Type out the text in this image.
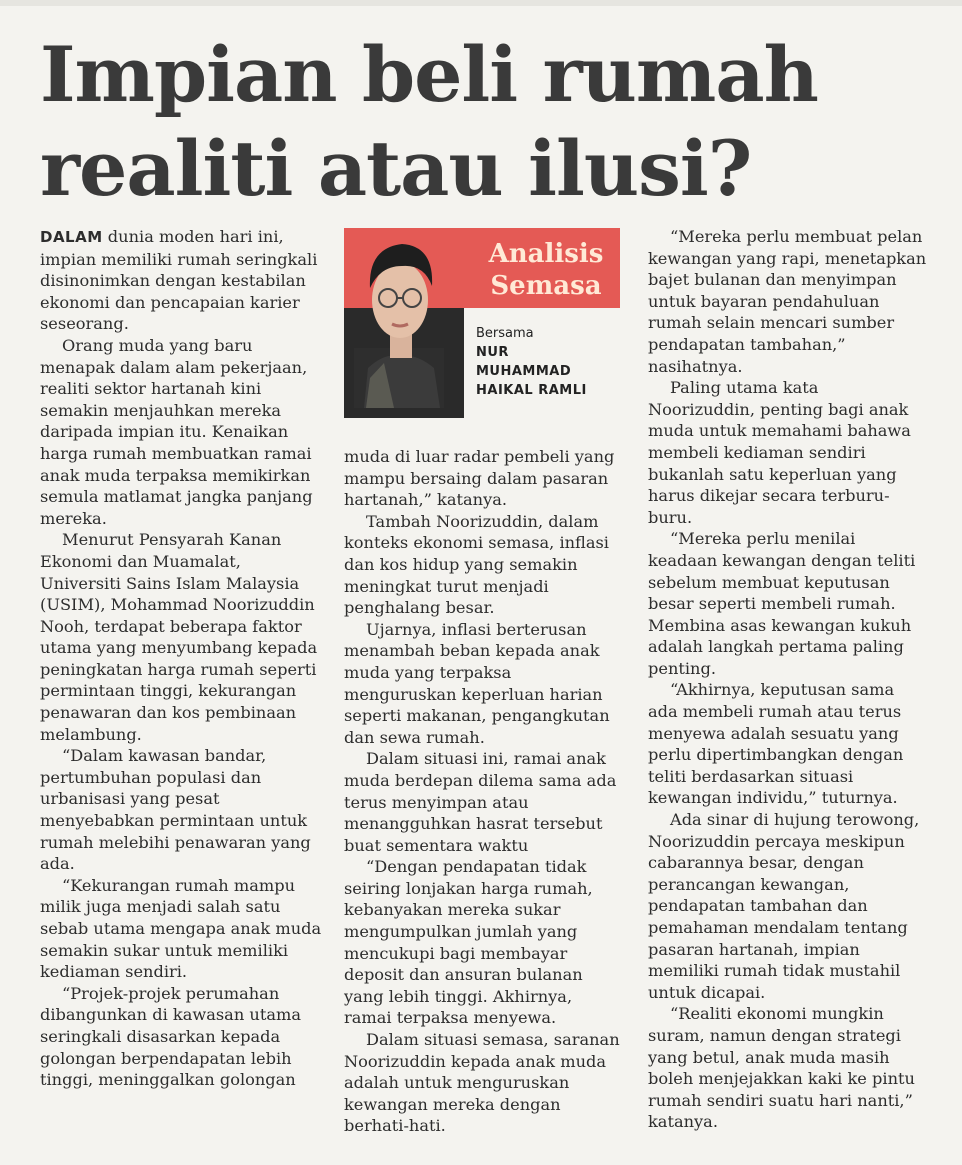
Impian beli rumah
realiti atau ilusi?

DALAM dunia moden hari ini, impian memiliki rumah seringkali disinonimkan dengan kestabilan ekonomi dan pencapaian karier seseorang.

Orang muda yang baru menapak dalam alam pekerjaan, realiti sektor hartanah kini semakin menjauhkan mereka daripada impian itu. Kenaikan harga rumah membuatkan ramai anak muda terpaksa memikirkan semula matlamat jangka panjang mereka.

Menurut Pensyarah Kanan Ekonomi dan Muamalat, Universiti Sains Islam Malaysia (USIM), Mohammad Noorizuddin Nooh, terdapat beberapa faktor utama yang menyumbang kepada peningkatan harga rumah seperti permintaan tinggi, kekurangan penawaran dan kos pembinaan melambung.

“Dalam kawasan bandar, pertumbuhan populasi dan urbanisasi yang pesat menyebabkan permintaan untuk rumah melebihi penawaran yang ada.

“Kekurangan rumah mampu milik juga menjadi salah satu sebab utama mengapa anak muda semakin sukar untuk memiliki kediaman sendiri.

“Projek-projek perumahan dibangunkan di kawasan utama seringkali disasarkan kepada golongan berpendapatan lebih tinggi, meninggalkan golongan

Analisis
Semasa
Bersama
NUR
MUHAMMAD
HAIKAL RAMLI

muda di luar radar pembeli yang mampu bersaing dalam pasaran hartanah,” katanya.

Tambah Noorizuddin, dalam konteks ekonomi semasa, inflasi dan kos hidup yang semakin meningkat turut menjadi penghalang besar.

Ujarnya, inflasi berterusan menambah beban kepada anak muda yang terpaksa menguruskan keperluan harian seperti makanan, pengangkutan dan sewa rumah.

Dalam situasi ini, ramai anak muda berdepan dilema sama ada terus menyimpan atau menangguhkan hasrat tersebut buat sementara waktu

“Dengan pendapatan tidak seiring lonjakan harga rumah, kebanyakan mereka sukar mengumpulkan jumlah yang mencukupi bagi membayar deposit dan ansuran bulanan yang lebih tinggi. Akhirnya, ramai terpaksa menyewa.

Dalam situasi semasa, saranan Noorizuddin kepada anak muda adalah untuk menguruskan kewangan mereka dengan berhati-hati.

“Mereka perlu membuat pelan kewangan yang rapi, menetapkan bajet bulanan dan menyimpan untuk bayaran pendahuluan rumah selain mencari sumber pendapatan tambahan,” nasihatnya.

Paling utama kata Noorizuddin, penting bagi anak muda untuk memahami bahawa membeli kediaman sendiri bukanlah satu keperluan yang harus dikejar secara terburu-buru.

“Mereka perlu menilai keadaan kewangan dengan teliti sebelum membuat keputusan besar seperti membeli rumah. Membina asas kewangan kukuh adalah langkah pertama paling penting.

“Akhirnya, keputusan sama ada membeli rumah atau terus menyewa adalah sesuatu yang perlu dipertimbangkan dengan teliti berdasarkan situasi kewangan individu,” tuturnya.

Ada sinar di hujung terowong, Noorizuddin percaya meskipun cabarannya besar, dengan perancangan kewangan, pendapatan tambahan dan pemahaman mendalam tentang pasaran hartanah, impian memiliki rumah tidak mustahil untuk dicapai.

“Realiti ekonomi mungkin suram, namun dengan strategi yang betul, anak muda masih boleh menjejakkan kaki ke pintu rumah sendiri suatu hari nanti,” katanya.
